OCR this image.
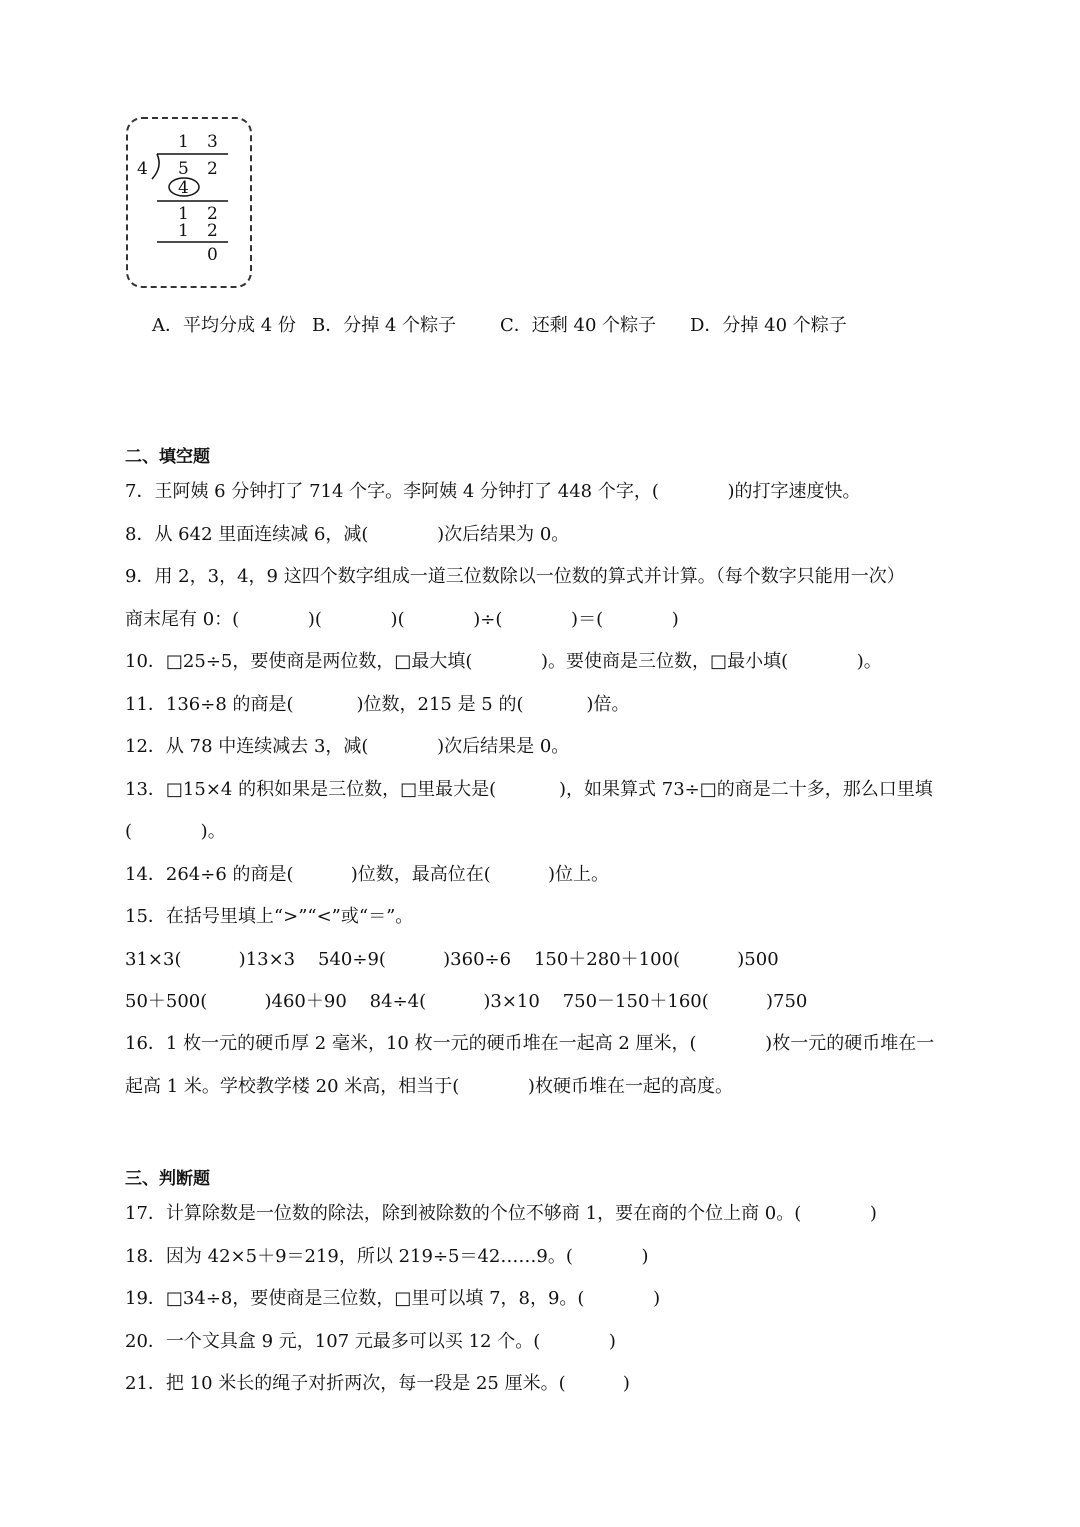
1 3
4 5 2
4
1 2
1 2
0
A．平均分成 4 份 B．分掉 4 个粽子 C．还剩 40 个粽子 D．分掉 40 个粽子
二、填空题
7．王阿姨 6 分钟打了 714 个字。李阿姨 4 分钟打了 448 个字，(            )的打字速度快。
8．从 642 里面连续减 6，减(            )次后结果为 0。
9．用 2，3，4，9 这四个数字组成一道三位数除以一位数的算式并计算。（每个数字只能用一次）
商末尾有 0：(            )(            )(            )÷(            )＝(            )
10．□25÷5，要使商是两位数，□最大填(            )。要使商是三位数，□最小填(            )。
11．136÷8 的商是(           )位数，215 是 5 的(           )倍。
12．从 78 中连续减去 3，减(            )次后结果是 0。
13．□15×4 的积如果是三位数，□里最大是(           )，如果算式 73÷□的商是二十多，那么口里填
(            )。
14．264÷6 的商是(          )位数，最高位在(          )位上。
15．在括号里填上“>”“<”或“＝”。
31×3(          )13×3    540÷9(          )360÷6    150＋280＋100(          )500
50＋500(          )460＋90    84÷4(          )3×10    750－150＋160(          )750
16．1 枚一元的硬币厚 2 毫米，10 枚一元的硬币堆在一起高 2 厘米，(            )枚一元的硬币堆在一
起高 1 米。学校教学楼 20 米高，相当于(            )枚硬币堆在一起的高度。
三、判断题
17．计算除数是一位数的除法，除到被除数的个位不够商 1，要在商的个位上商 0。(            )
18．因为 42×5＋9＝219，所以 219÷5＝42……9。(            )
19．□34÷8，要使商是三位数，□里可以填 7，8，9。(            )
20．一个文具盒 9 元，107 元最多可以买 12 个。(            )
21．把 10 米长的绳子对折两次，每一段是 25 厘米。(          )
